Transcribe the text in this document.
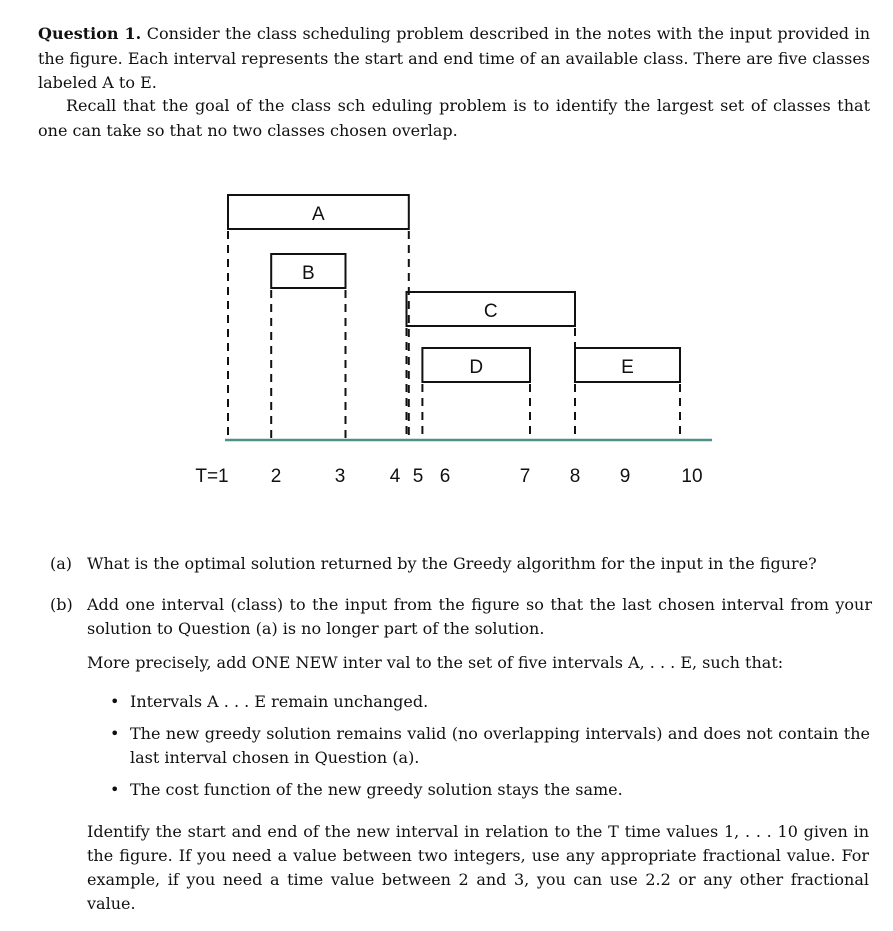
Question 1. Consider the class scheduling problem described in the notes with the input provided in the figure. Each interval represents the start and end time of an available class. There are five classes labeled A to E.
Recall that the goal of the class sch eduling problem is to identify the largest set of classes that one can take so that no two classes chosen overlap.
A
B
C
D	E
T=1 2	3 4 5 6	7 8 9	10
(a) What is the optimal solution returned by the Greedy algorithm for the input in the figure?
(b) Add one interval (class) to the input from the figure so that the last chosen interval from your solution to Question (a) is no longer part of the solution.
More precisely, add ONE NEW inter val to the set of five intervals A, . . . E, such that:
• Intervals A . . . E remain unchanged.
• The new greedy solution remains valid (no overlapping intervals) and does not contain the last interval chosen in Question (a).
• The cost function of the new greedy solution stays the same.
Identify the start and end of the new interval in relation to the T time values 1, . . . 10 given in the figure. If you need a value between two integers, use any appropriate fractional value. For example, if you need a time value between 2 and 3, you can use 2.2 or any other fractional value.
